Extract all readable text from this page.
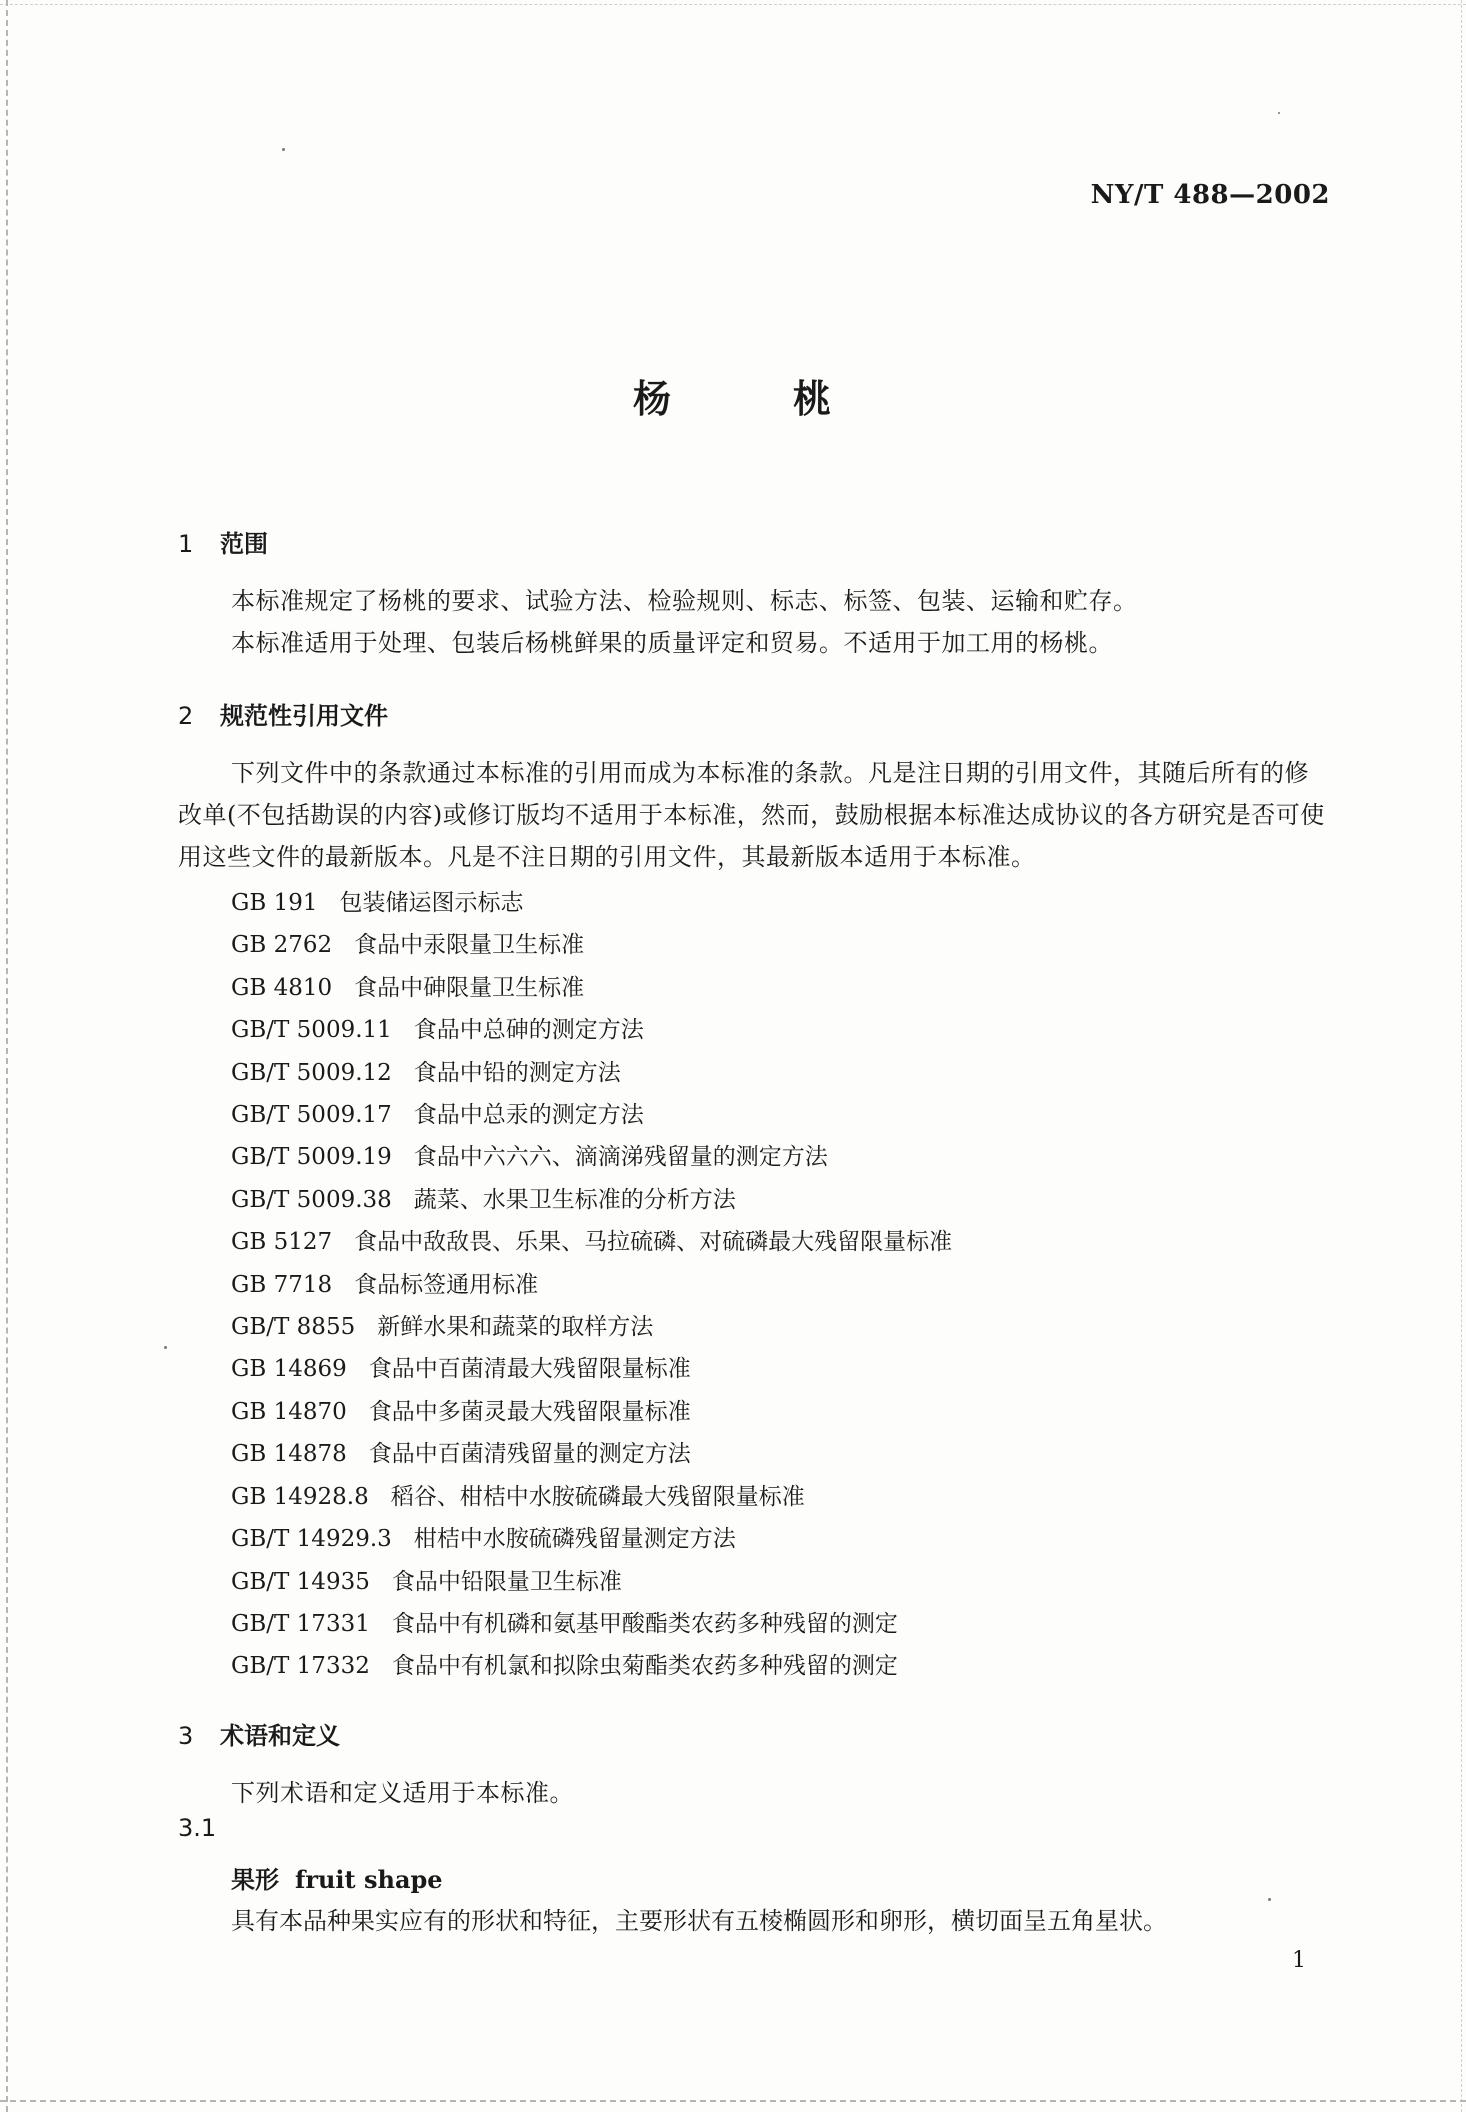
NY/T 488—2002
杨	桃
1 范围
本标准规定了杨桃的要求、试验方法、检验规则、标志、标签、包装、运输和贮存。
本标准适用于处理、包装后杨桃鲜果的质量评定和贸易。不适用于加工用的杨桃。
2 规范性引用文件
下列文件中的条款通过本标准的引用而成为本标准的条款。凡是注日期的引用文件，其随后所有的修改单(不包括勘误的内容)或修订版均不适用于本标准，然而，鼓励根据本标准达成协议的各方研究是否可使用这些文件的最新版本。凡是不注日期的引用文件，其最新版本适用于本标准。
GB 191 包装储运图示标志
GB 2762 食品中汞限量卫生标准
GB 4810 食品中砷限量卫生标准
GB/T 5009.11 食品中总砷的测定方法
GB/T 5009.12 食品中铅的测定方法
GB/T 5009.17 食品中总汞的测定方法
GB/T 5009.19 食品中六六六、滴滴涕残留量的测定方法
GB/T 5009.38 蔬菜、水果卫生标准的分析方法
GB 5127 食品中敌敌畏、乐果、马拉硫磷、对硫磷最大残留限量标准
GB 7718 食品标签通用标准
GB/T 8855 新鲜水果和蔬菜的取样方法
GB 14869 食品中百菌清最大残留限量标准
GB 14870 食品中多菌灵最大残留限量标准
GB 14878 食品中百菌清残留量的测定方法
GB 14928.8 稻谷、柑桔中水胺硫磷最大残留限量标准
GB/T 14929.3 柑桔中水胺硫磷残留量测定方法
GB/T 14935 食品中铅限量卫生标准
GB/T 17331 食品中有机磷和氨基甲酸酯类农药多种残留的测定
GB/T 17332 食品中有机氯和拟除虫菊酯类农药多种残留的测定
3 术语和定义
下列术语和定义适用于本标准。
3.1
果形 fruit shape
具有本品种果实应有的形状和特征，主要形状有五棱椭圆形和卵形，横切面呈五角星状。
1
